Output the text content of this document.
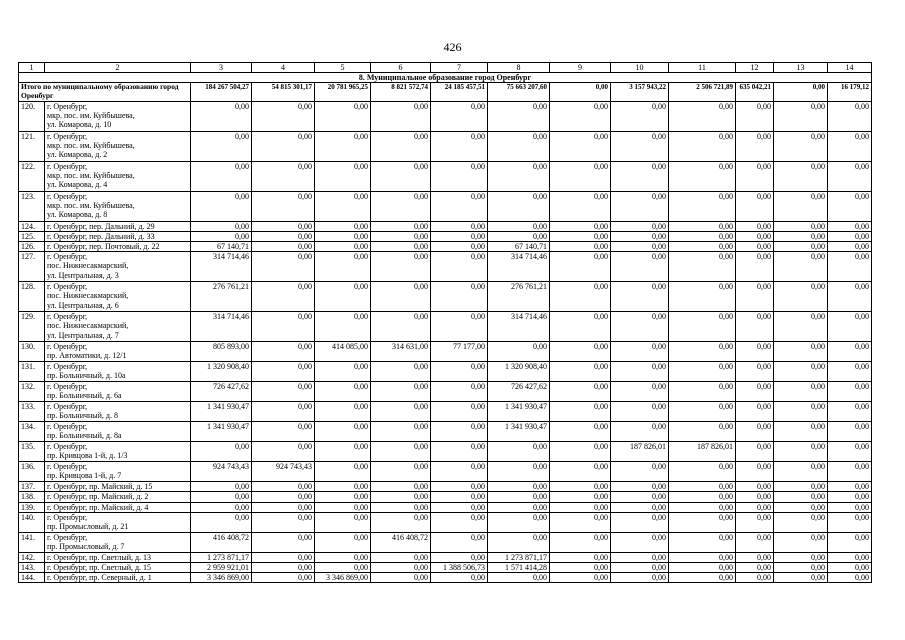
426
1	2	3	4	5	6	7	8	9	10	11	12	13	14
8. Муниципальное образование город Оренбург													
Итого по муниципальному образованию город Оренбург		184 267 504,27	54 815 301,17	20 781 965,25	8 821 572,74	24 185 457,51	75 663 207,60	0,00	3 157 943,22	2 506 721,89	635 042,21	0,00	16 179,12
120.	г. Оренбург,
мкр. пос. им. Куйбышева,
ул. Комарова, д. 10	0,00	0,00	0,00	0,00	0,00	0,00	0,00	0,00	0,00	0,00	0,00	0,00
121.	г. Оренбург,
мкр. пос. им. Куйбышева,
ул. Комарова, д. 2	0,00	0,00	0,00	0,00	0,00	0,00	0,00	0,00	0,00	0,00	0,00	0,00
122.	г. Оренбург,
мкр. пос. им. Куйбышева,
ул. Комарова, д. 4	0,00	0,00	0,00	0,00	0,00	0,00	0,00	0,00	0,00	0,00	0,00	0,00
123.	г. Оренбург,
мкр. пос. им. Куйбышева,
ул. Комарова, д. 8	0,00	0,00	0,00	0,00	0,00	0,00	0,00	0,00	0,00	0,00	0,00	0,00
124.	г. Оренбург, пер. Дальний, д. 29	0,00	0,00	0,00	0,00	0,00	0,00	0,00	0,00	0,00	0,00	0,00	0,00
125.	г. Оренбург, пер. Дальний, д. 33	0,00	0,00	0,00	0,00	0,00	0,00	0,00	0,00	0,00	0,00	0,00	0,00
126.	г. Оренбург, пер. Почтовый, д. 22	67 140,71	0,00	0,00	0,00	0,00	67 140,71	0,00	0,00	0,00	0,00	0,00	0,00
127.	г. Оренбург,
пос. Нижнесакмарский,
ул. Центральная, д. 3	314 714,46	0,00	0,00	0,00	0,00	314 714,46	0,00	0,00	0,00	0,00	0,00	0,00
128.	г. Оренбург,
пос. Нижнесакмарский,
ул. Центральная, д. 6	276 761,21	0,00	0,00	0,00	0,00	276 761,21	0,00	0,00	0,00	0,00	0,00	0,00
129.	г. Оренбург,
пос. Нижнесакмарский,
ул. Центральная, д. 7	314 714,46	0,00	0,00	0,00	0,00	314 714,46	0,00	0,00	0,00	0,00	0,00	0,00
130.	г. Оренбург,
пр. Автоматики, д. 12/1	805 893,00	0,00	414 085,00	314 631,00	77 177,00	0,00	0,00	0,00	0,00	0,00	0,00	0,00
131.	г. Оренбург,
пр. Больничный, д. 10а	1 320 908,40	0,00	0,00	0,00	0,00	1 320 908,40	0,00	0,00	0,00	0,00	0,00	0,00
132.	г. Оренбург,
пр. Больничный, д. 6а	726 427,62	0,00	0,00	0,00	0,00	726 427,62	0,00	0,00	0,00	0,00	0,00	0,00
133.	г. Оренбург,
пр. Больничный, д. 8	1 341 930,47	0,00	0,00	0,00	0,00	1 341 930,47	0,00	0,00	0,00	0,00	0,00	0,00
134.	г. Оренбург,
пр. Больничный, д. 8а	1 341 930,47	0,00	0,00	0,00	0,00	1 341 930,47	0,00	0,00	0,00	0,00	0,00	0,00
135.	г. Оренбург,
пр. Кривцова 1-й, д. 1/3	0,00	0,00	0,00	0,00	0,00	0,00	0,00	187 826,01	187 826,01	0,00	0,00	0,00
136.	г. Оренбург,
пр. Кривцова 1-й, д. 7	924 743,43	924 743,43	0,00	0,00	0,00	0,00	0,00	0,00	0,00	0,00	0,00	0,00
137.	г. Оренбург, пр. Майский, д. 15	0,00	0,00	0,00	0,00	0,00	0,00	0,00	0,00	0,00	0,00	0,00	0,00
138.	г. Оренбург, пр. Майский, д. 2	0,00	0,00	0,00	0,00	0,00	0,00	0,00	0,00	0,00	0,00	0,00	0,00
139.	г. Оренбург, пр. Майский, д. 4	0,00	0,00	0,00	0,00	0,00	0,00	0,00	0,00	0,00	0,00	0,00	0,00
140.	г. Оренбург,
пр. Промысловый, д. 21	0,00	0,00	0,00	0,00	0,00	0,00	0,00	0,00	0,00	0,00	0,00	0,00
141.	г. Оренбург,
пр. Промысловый, д. 7	416 408,72	0,00	0,00	416 408,72	0,00	0,00	0,00	0,00	0,00	0,00	0,00	0,00
142.	г. Оренбург, пр. Светлый, д. 13	1 273 871,17	0,00	0,00	0,00	0,00	1 273 871,17	0,00	0,00	0,00	0,00	0,00	0,00
143.	г. Оренбург, пр. Светлый, д. 15	2 959 921,01	0,00	0,00	0,00	1 388 506,73	1 571 414,28	0,00	0,00	0,00	0,00	0,00	0,00
144.	г. Оренбург, пр. Северный, д. 1	3 346 869,00	0,00	3 346 869,00	0,00	0,00	0,00	0,00	0,00	0,00	0,00	0,00	0,00
